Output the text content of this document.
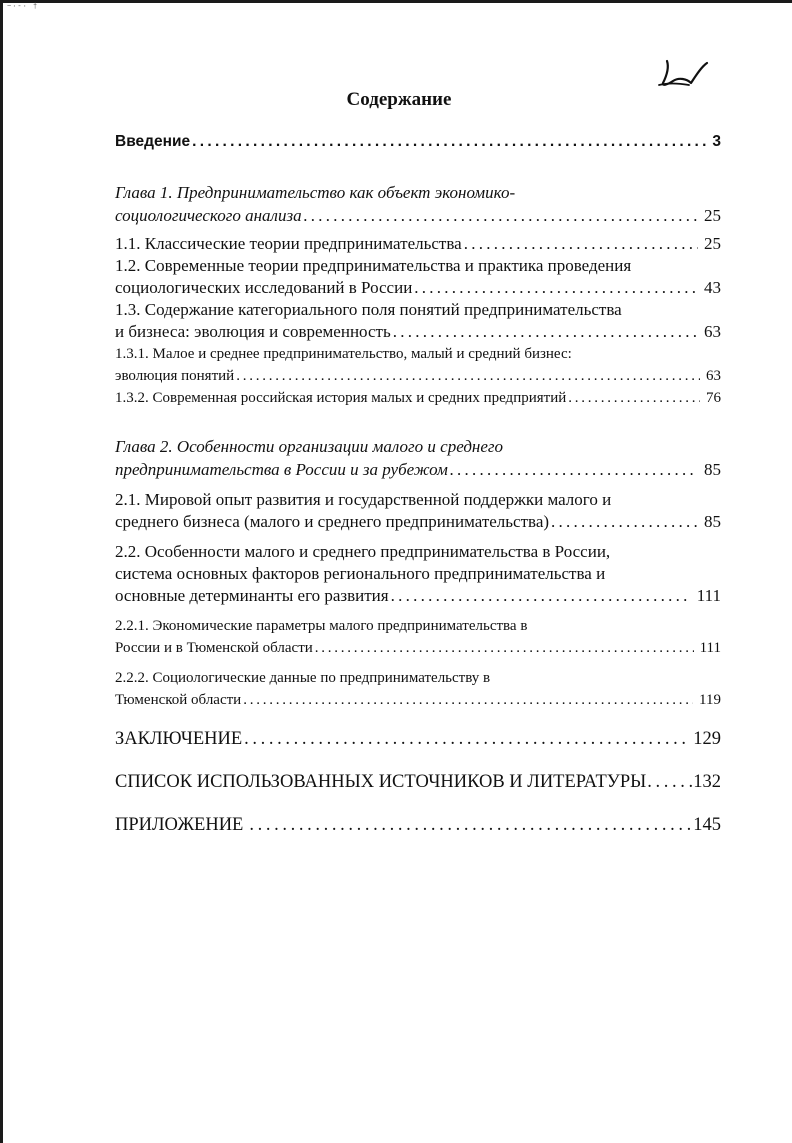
~·-· †
Содержание
Введение . . .	3
Глава 1. Предпринимательство как объект экономико-
социологического анализа . . .	25
1.1. Классические теории предпринимательства . . .	25
1.2. Современные теории предпринимательства и практика проведения
социологических исследований в России . . .	43
1.3. Содержание категориального поля понятий предпринимательства
и бизнеса: эволюция и современность . . .	63
1.3.1. Малое и среднее предпринимательство, малый и средний бизнес:
эволюция понятий . . .	63
1.3.2. Современная российская история малых и средних предприятий . . .	76
Глава 2. Особенности организации малого и среднего
предпринимательства в России и за рубежом . . .	85
2.1. Мировой опыт развития и государственной поддержки малого и
среднего бизнеса (малого и среднего предпринимательства) . . .	85
2.2. Особенности малого и среднего предпринимательства в России,
система основных факторов регионального предпринимательства и
основные детерминанты его развития . . .	111
2.2.1. Экономические параметры малого предпринимательства в
России и в Тюменской области . . .	111
2.2.2. Социологические данные по предпринимательству в
Тюменской области . . .	119
ЗАКЛЮЧЕНИЕ . . .	129
СПИСОК ИСПОЛЬЗОВАННЫХ ИСТОЧНИКОВ И ЛИТЕРАТУРЫ . . .	132
ПРИЛОЖЕНИЕ . . .	145
